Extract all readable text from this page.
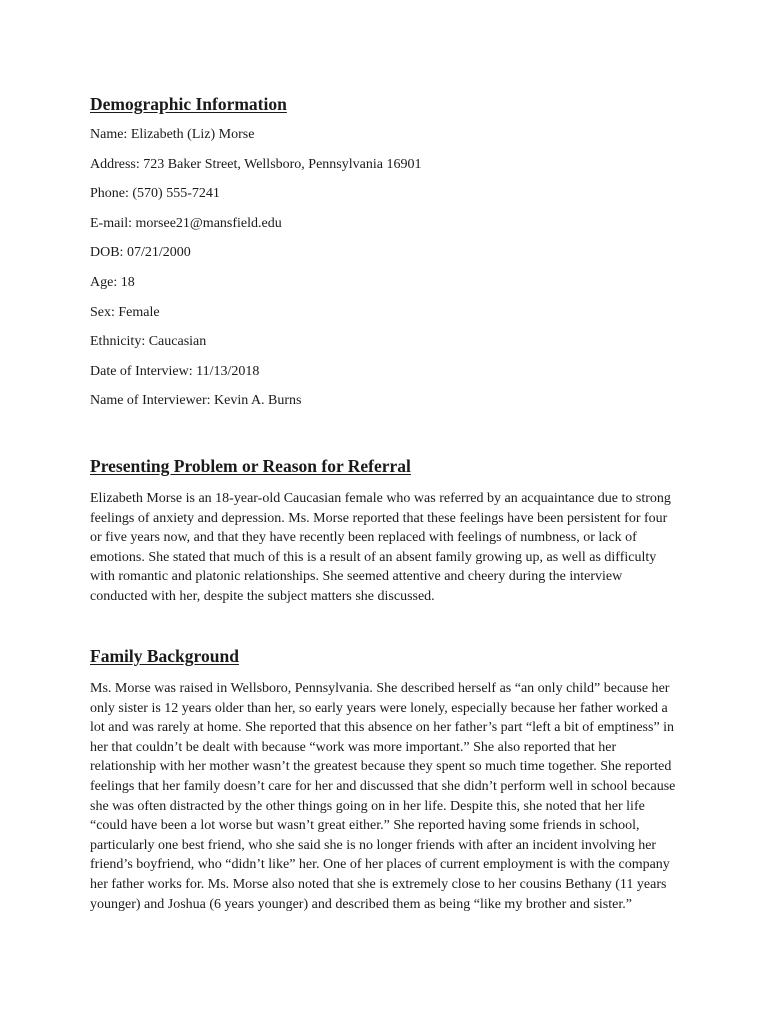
Demographic Information
Name: Elizabeth (Liz) Morse
Address: 723 Baker Street, Wellsboro, Pennsylvania 16901
Phone: (570) 555-7241
E-mail: morsee21@mansfield.edu
DOB: 07/21/2000
Age: 18
Sex: Female
Ethnicity: Caucasian
Date of Interview: 11/13/2018
Name of Interviewer: Kevin A. Burns
Presenting Problem or Reason for Referral

Elizabeth Morse is an 18-year-old Caucasian female who was referred by an acquaintance due to strong feelings of anxiety and depression. Ms. Morse reported that these feelings have been persistent for four or five years now, and that they have recently been replaced with feelings of numbness, or lack of emotions. She stated that much of this is a result of an absent family growing up, as well as difficulty with romantic and platonic relationships. She seemed attentive and cheery during the interview conducted with her, despite the subject matters she discussed.

Family Background

Ms. Morse was raised in Wellsboro, Pennsylvania. She described herself as “an only child” because her only sister is 12 years older than her, so early years were lonely, especially because her father worked a lot and was rarely at home. She reported that this absence on her father’s part “left a bit of emptiness” in her that couldn’t be dealt with because “work was more important.” She also reported that her relationship with her mother wasn’t the greatest because they spent so much time together. She reported feelings that her family doesn’t care for her and discussed that she didn’t perform well in school because she was often distracted by the other things going on in her life. Despite this, she noted that her life “could have been a lot worse but wasn’t great either.” She reported having some friends in school, particularly one best friend, who she said she is no longer friends with after an incident involving her friend’s boyfriend, who “didn’t like” her. One of her places of current employment is with the company her father works for. Ms. Morse also noted that she is extremely close to her cousins Bethany (11 years younger) and Joshua (6 years younger) and described them as being “like my brother and sister.”
